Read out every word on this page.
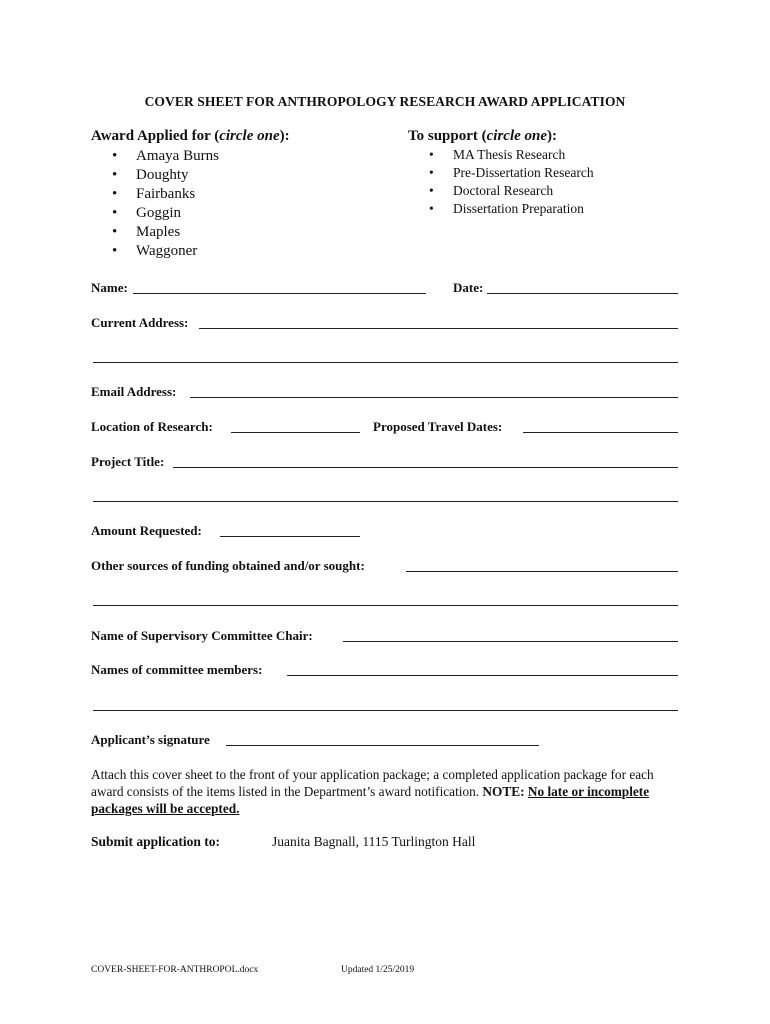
COVER SHEET FOR ANTHROPOLOGY RESEARCH AWARD APPLICATION
Award Applied for (circle one):
• Amaya Burns
• Doughty
• Fairbanks
• Goggin
• Maples
• Waggoner
To support (circle one):
• MA Thesis Research
• Pre-Dissertation Research
• Doctoral Research
• Dissertation Preparation
Name:	Date:
Current Address:
Email Address:
Location of Research:	Proposed Travel Dates:
Project Title:
Amount Requested:
Other sources of funding obtained and/or sought:
Name of Supervisory Committee Chair:
Names of committee members:
Applicant’s signature
Attach this cover sheet to the front of your application package; a completed application package for each award consists of the items listed in the Department’s award notification. NOTE: No late or incomplete packages will be accepted.
Submit application to:	Juanita Bagnall, 1115 Turlington Hall
COVER-SHEET-FOR-ANTHROPOL.docx	Updated 1/25/2019
